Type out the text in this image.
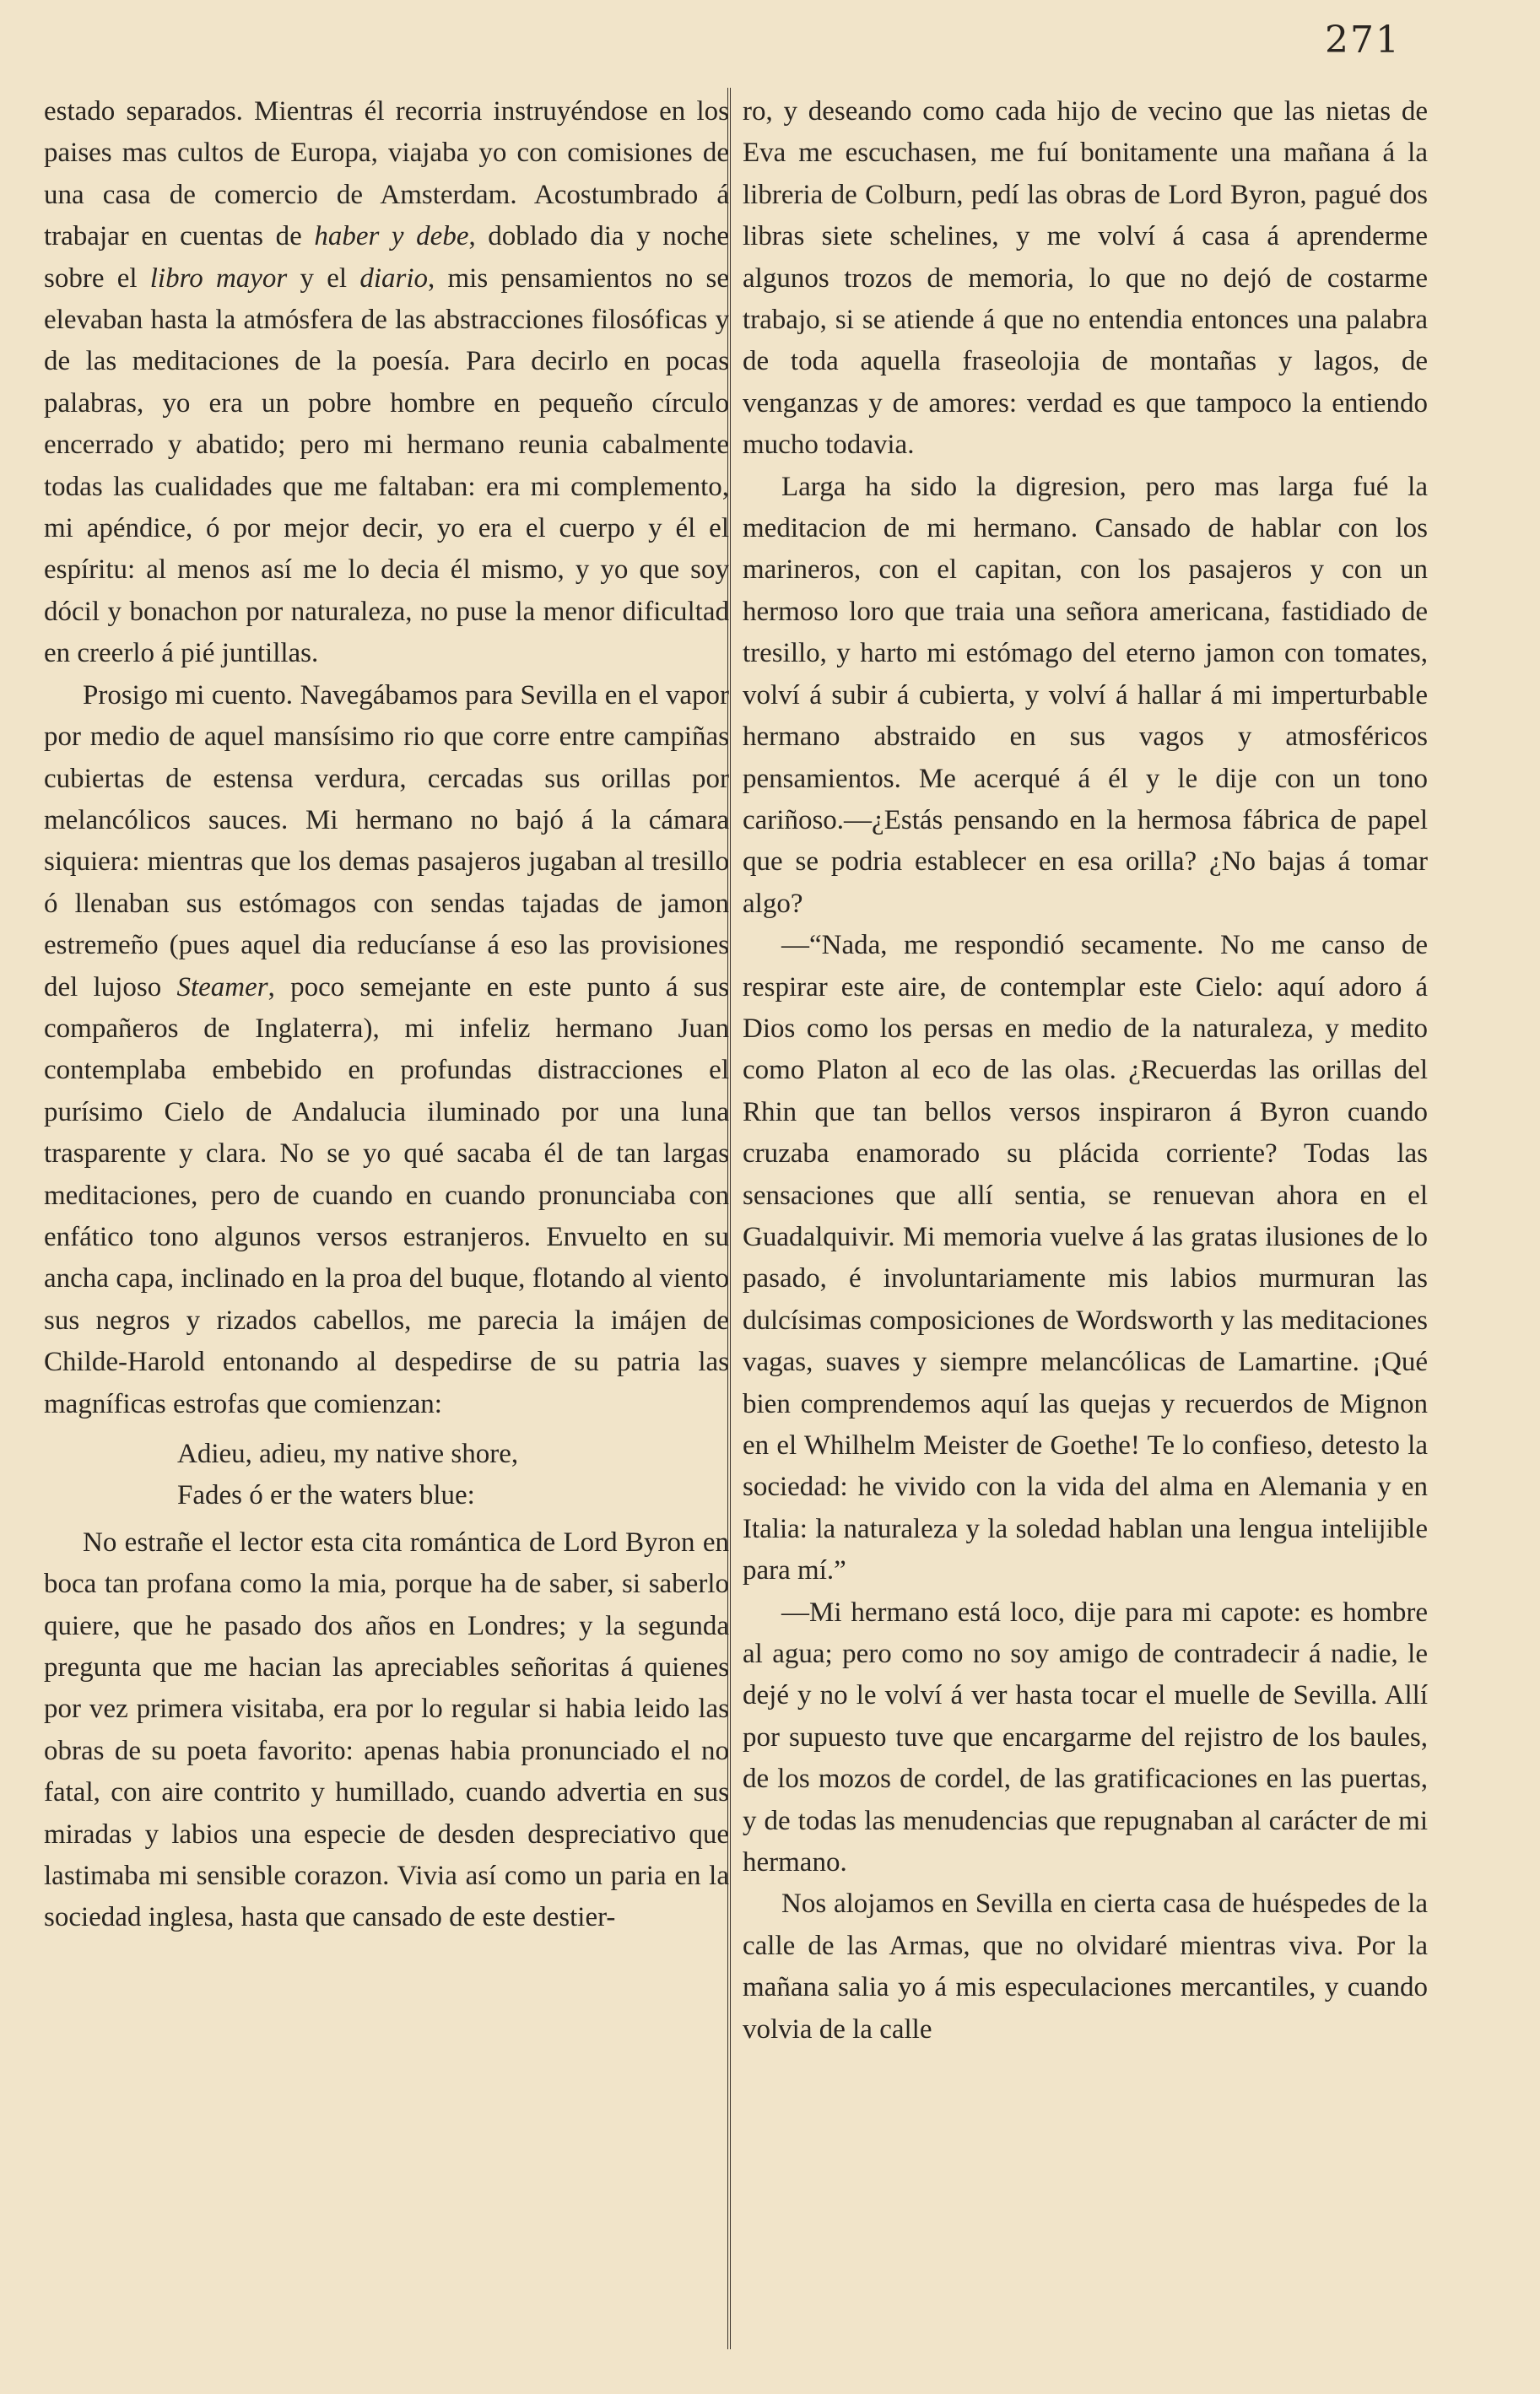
271

estado separados. Mientras él recorria instruyéndose en los paises mas cultos de Europa, viajaba yo con comisiones de una casa de comercio de Amsterdam. Acostumbrado á trabajar en cuentas de haber y debe, doblado dia y noche sobre el libro mayor y el diario, mis pensamientos no se elevaban hasta la atmósfera de las abstracciones filosóficas y de las meditaciones de la poesía. Para decirlo en pocas palabras, yo era un pobre hombre en pequeño círculo encerrado y abatido; pero mi hermano reunia cabalmente todas las cualidades que me faltaban: era mi complemento, mi apéndice, ó por mejor decir, yo era el cuerpo y él el espíritu: al menos así me lo decia él mismo, y yo que soy dócil y bonachon por naturaleza, no puse la menor dificultad en creerlo á pié juntillas.

Prosigo mi cuento. Navegábamos para Sevilla en el vapor por medio de aquel mansísimo rio que corre entre campiñas cubiertas de estensa verdura, cercadas sus orillas por melancólicos sauces. Mi hermano no bajó á la cámara siquiera: mientras que los demas pasajeros jugaban al tresillo ó llenaban sus estómagos con sendas tajadas de jamon estremeño (pues aquel dia reducíanse á eso las provisiones del lujoso Steamer, poco semejante en este punto á sus compañeros de Inglaterra), mi infeliz hermano Juan contemplaba embebido en profundas distracciones el purísimo Cielo de Andalucia iluminado por una luna trasparente y clara. No se yo qué sacaba él de tan largas meditaciones, pero de cuando en cuando pronunciaba con enfático tono algunos versos estranjeros. Envuelto en su ancha capa, inclinado en la proa del buque, flotando al viento sus negros y rizados cabellos, me parecia la imájen de Childe-Harold entonando al despedirse de su patria las magníficas estrofas que comienzan:

Adieu, adieu, my native shore,
Fades ó er the waters blue:

No estrañe el lector esta cita romántica de Lord Byron en boca tan profana como la mia, porque ha de saber, si saberlo quiere, que he pasado dos años en Londres; y la segunda pregunta que me hacian las apreciables señoritas á quienes por vez primera visitaba, era por lo regular si habia leido las obras de su poeta favorito: apenas habia pronunciado el no fatal, con aire contrito y humillado, cuando advertia en sus miradas y labios una especie de desden despreciativo que lastimaba mi sensible corazon. Vivia así como un paria en la sociedad inglesa, hasta que cansado de este destier-

ro, y deseando como cada hijo de vecino que las nietas de Eva me escuchasen, me fuí bonitamente una mañana á la libreria de Colburn, pedí las obras de Lord Byron, pagué dos libras siete schelines, y me volví á casa á aprenderme algunos trozos de memoria, lo que no dejó de costarme trabajo, si se atiende á que no entendia entonces una palabra de toda aquella fraseolojia de montañas y lagos, de venganzas y de amores: verdad es que tampoco la entiendo mucho todavia.

Larga ha sido la digresion, pero mas larga fué la meditacion de mi hermano. Cansado de hablar con los marineros, con el capitan, con los pasajeros y con un hermoso loro que traia una señora americana, fastidiado de tresillo, y harto mi estómago del eterno jamon con tomates, volví á subir á cubierta, y volví á hallar á mi imperturbable hermano abstraido en sus vagos y atmosféricos pensamientos. Me acerqué á él y le dije con un tono cariñoso.—¿Estás pensando en la hermosa fábrica de papel que se podria establecer en esa orilla? ¿No bajas á tomar algo?

—“Nada, me respondió secamente. No me canso de respirar este aire, de contemplar este Cielo: aquí adoro á Dios como los persas en medio de la naturaleza, y medito como Platon al eco de las olas. ¿Recuerdas las orillas del Rhin que tan bellos versos inspiraron á Byron cuando cruzaba enamorado su plácida corriente? Todas las sensaciones que allí sentia, se renuevan ahora en el Guadalquivir. Mi memoria vuelve á las gratas ilusiones de lo pasado, é involuntariamente mis labios murmuran las dulcísimas composiciones de Wordsworth y las meditaciones vagas, suaves y siempre melancólicas de Lamartine. ¡Qué bien comprendemos aquí las quejas y recuerdos de Mignon en el Whilhelm Meister de Goethe! Te lo confieso, detesto la sociedad: he vivido con la vida del alma en Alemania y en Italia: la naturaleza y la soledad hablan una lengua intelijible para mí.”

—Mi hermano está loco, dije para mi capote: es hombre al agua; pero como no soy amigo de contradecir á nadie, le dejé y no le volví á ver hasta tocar el muelle de Sevilla. Allí por supuesto tuve que encargarme del rejistro de los baules, de los mozos de cordel, de las gratificaciones en las puertas, y de todas las menudencias que repugnaban al carácter de mi hermano.

Nos alojamos en Sevilla en cierta casa de huéspedes de la calle de las Armas, que no olvidaré mientras viva. Por la mañana salia yo á mis especulaciones mercantiles, y cuando volvia de la calle
